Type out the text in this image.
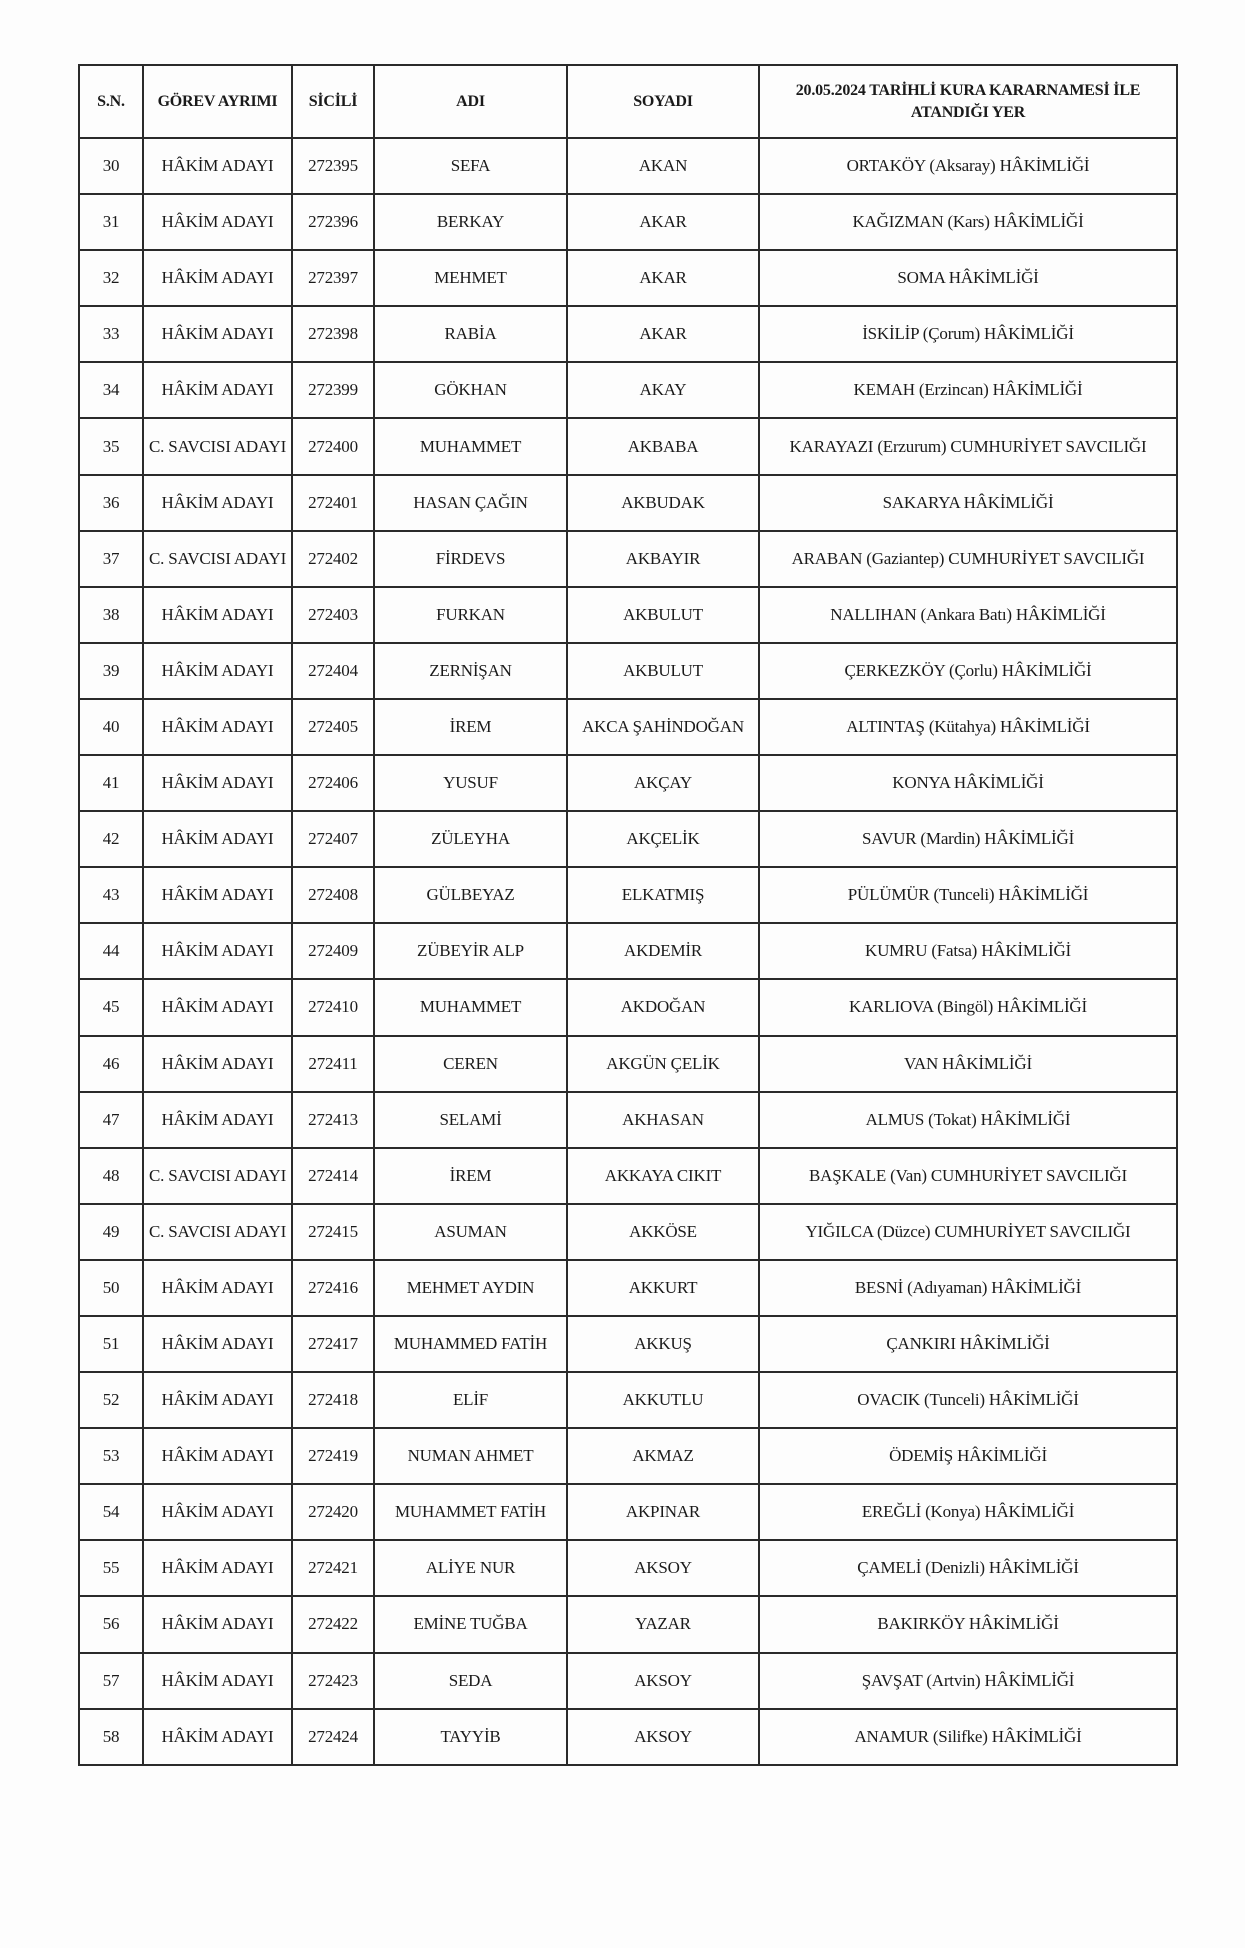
S.N.	GÖREV AYRIMI	SİCİLİ	ADI	SOYADI	20.05.2024 TARİHLİ KURA KARARNAMESİ İLE ATANDIĞI YER
30	HÂKİM ADAYI	272395	SEFA	AKAN	ORTAKÖY (Aksaray) HÂKİMLİĞİ
31	HÂKİM ADAYI	272396	BERKAY	AKAR	KAĞIZMAN (Kars) HÂKİMLİĞİ
32	HÂKİM ADAYI	272397	MEHMET	AKAR	SOMA HÂKİMLİĞİ
33	HÂKİM ADAYI	272398	RABİA	AKAR	İSKİLİP (Çorum) HÂKİMLİĞİ
34	HÂKİM ADAYI	272399	GÖKHAN	AKAY	KEMAH (Erzincan) HÂKİMLİĞİ
35	C. SAVCISI ADAYI	272400	MUHAMMET	AKBABA	KARAYAZI (Erzurum) CUMHURİYET SAVCILIĞI
36	HÂKİM ADAYI	272401	HASAN ÇAĞIN	AKBUDAK	SAKARYA HÂKİMLİĞİ
37	C. SAVCISI ADAYI	272402	FİRDEVS	AKBAYIR	ARABAN (Gaziantep) CUMHURİYET SAVCILIĞI
38	HÂKİM ADAYI	272403	FURKAN	AKBULUT	NALLIHAN (Ankara Batı) HÂKİMLİĞİ
39	HÂKİM ADAYI	272404	ZERNİŞAN	AKBULUT	ÇERKEZKÖY (Çorlu) HÂKİMLİĞİ
40	HÂKİM ADAYI	272405	İREM	AKCA ŞAHİNDOĞAN	ALTINTAŞ (Kütahya) HÂKİMLİĞİ
41	HÂKİM ADAYI	272406	YUSUF	AKÇAY	KONYA HÂKİMLİĞİ
42	HÂKİM ADAYI	272407	ZÜLEYHA	AKÇELİK	SAVUR (Mardin) HÂKİMLİĞİ
43	HÂKİM ADAYI	272408	GÜLBEYAZ	ELKATMIŞ	PÜLÜMÜR (Tunceli) HÂKİMLİĞİ
44	HÂKİM ADAYI	272409	ZÜBEYİR ALP	AKDEMİR	KUMRU (Fatsa) HÂKİMLİĞİ
45	HÂKİM ADAYI	272410	MUHAMMET	AKDOĞAN	KARLIOVA (Bingöl) HÂKİMLİĞİ
46	HÂKİM ADAYI	272411	CEREN	AKGÜN ÇELİK	VAN HÂKİMLİĞİ
47	HÂKİM ADAYI	272413	SELAMİ	AKHASAN	ALMUS (Tokat) HÂKİMLİĞİ
48	C. SAVCISI ADAYI	272414	İREM	AKKAYA CIKIT	BAŞKALE (Van) CUMHURİYET SAVCILIĞI
49	C. SAVCISI ADAYI	272415	ASUMAN	AKKÖSE	YIĞILCA (Düzce) CUMHURİYET SAVCILIĞI
50	HÂKİM ADAYI	272416	MEHMET AYDIN	AKKURT	BESNİ (Adıyaman) HÂKİMLİĞİ
51	HÂKİM ADAYI	272417	MUHAMMED FATİH	AKKUŞ	ÇANKIRI HÂKİMLİĞİ
52	HÂKİM ADAYI	272418	ELİF	AKKUTLU	OVACIK (Tunceli) HÂKİMLİĞİ
53	HÂKİM ADAYI	272419	NUMAN AHMET	AKMAZ	ÖDEMİŞ HÂKİMLİĞİ
54	HÂKİM ADAYI	272420	MUHAMMET FATİH	AKPINAR	EREĞLİ (Konya) HÂKİMLİĞİ
55	HÂKİM ADAYI	272421	ALİYE NUR	AKSOY	ÇAMELİ (Denizli) HÂKİMLİĞİ
56	HÂKİM ADAYI	272422	EMİNE TUĞBA	YAZAR	BAKIRKÖY HÂKİMLİĞİ
57	HÂKİM ADAYI	272423	SEDA	AKSOY	ŞAVŞAT (Artvin) HÂKİMLİĞİ
58	HÂKİM ADAYI	272424	TAYYİB	AKSOY	ANAMUR (Silifke) HÂKİMLİĞİ
